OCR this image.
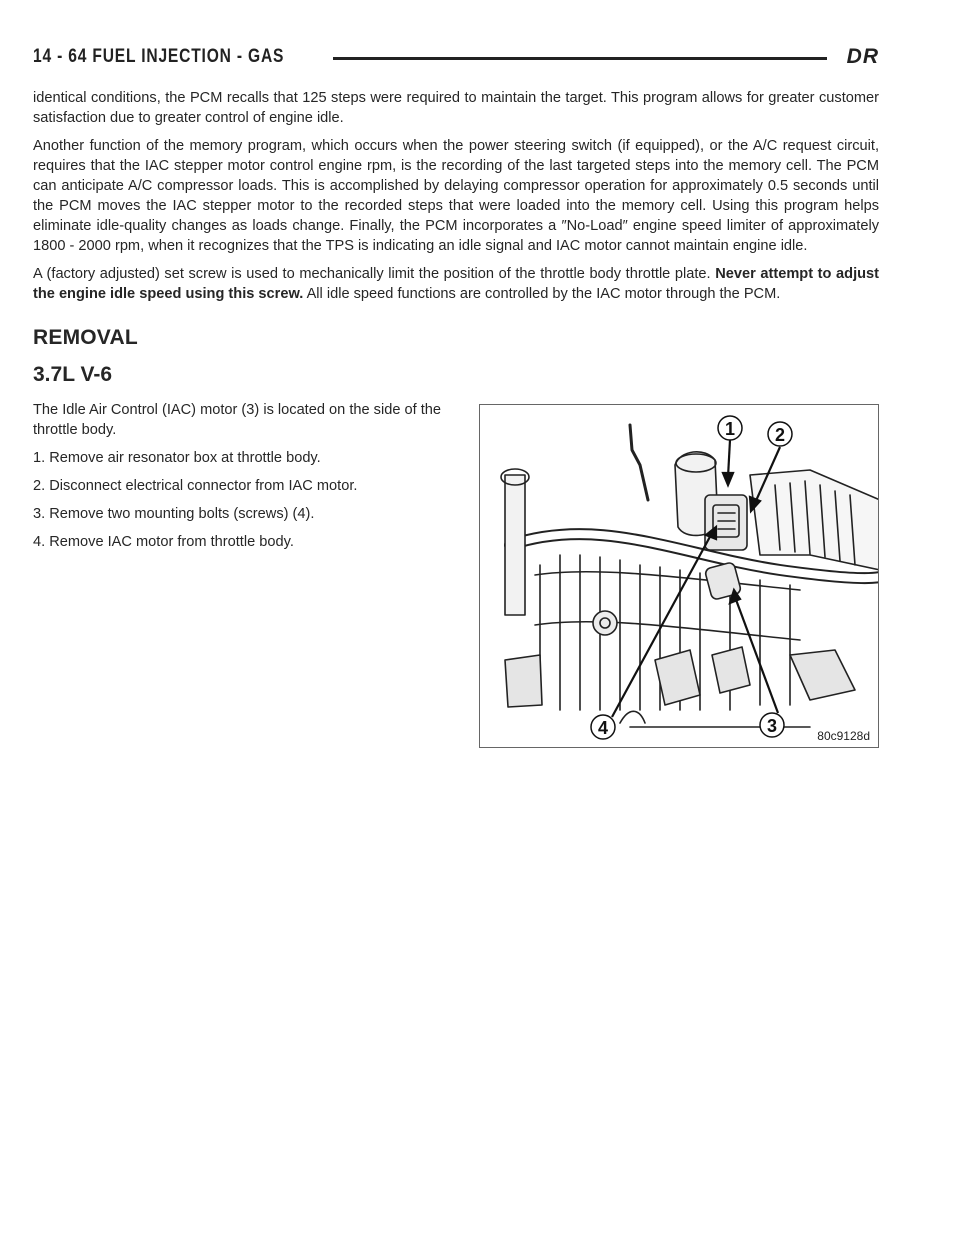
14 - 64 FUEL INJECTION - GAS	DR

identical conditions, the PCM recalls that 125 steps were required to maintain the target. This program allows for greater customer satisfaction due to greater control of engine idle.

Another function of the memory program, which occurs when the power steering switch (if equipped), or the A/C request circuit, requires that the IAC stepper motor control engine rpm, is the recording of the last targeted steps into the memory cell. The PCM can anticipate A/C compressor loads. This is accomplished by delaying compressor operation for approximately 0.5 seconds until the PCM moves the IAC stepper motor to the recorded steps that were loaded into the memory cell. Using this program helps eliminate idle-quality changes as loads change. Finally, the PCM incorporates a ″No-Load″ engine speed limiter of approximately 1800 - 2000 rpm, when it recognizes that the TPS is indicating an idle signal and IAC motor cannot maintain engine idle.

A (factory adjusted) set screw is used to mechanically limit the position of the throttle body throttle plate. Never attempt to adjust the engine idle speed using this screw. All idle speed functions are controlled by the IAC motor through the PCM.

REMOVAL
3.7L V-6

The Idle Air Control (IAC) motor (3) is located on the side of the throttle body.

1. Remove air resonator box at throttle body.

2. Disconnect electrical connector from IAC motor.

3. Remove two mounting bolts (screws) (4).

4. Remove IAC motor from throttle body.

1 2
3
4	80c9128d
